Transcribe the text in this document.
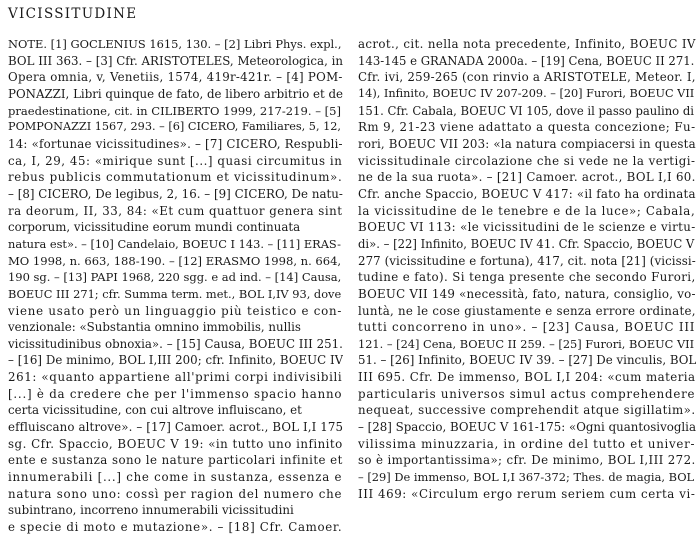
VICISSITUDINE
NOTE. [1] GOCLENIUS 1615, 130. – [2] Libri Phys. expl.,
BOL III 363. – [3] Cfr. ARISTOTELES, Meteorologica, in
Opera omnia, v, Venetiis, 1574, 419r-421r. – [4] POM-
PONAZZI, Libri quinque de fato, de libero arbitrio et de
praedestinatione, cit. in CILIBERTO 1999, 217-219. – [5]
POMPONAZZI 1567, 293. – [6] CICERO, Familiares, 5, 12,
14: «fortunae vicissitudines». – [7] CICERO, Respubli-
ca, I, 29, 45: «mirique sunt [...] quasi circumitus in
rebus publicis commutationum et vicissitudinum».
– [8] CICERO, De legibus, 2, 16. – [9] CICERO, De natu-
ra deorum, II, 33, 84: «Et cum quattuor genera sint
corporum, vicissitudine eorum mundi continuata
natura est». – [10] Candelaio, BOEUC I 143. – [11] ERAS-
MO 1998, n. 663, 188-190. – [12] ERASMO 1998, n. 664,
190 sg. – [13] PAPI 1968, 220 sgg. e ad ind. – [14] Causa,
BOEUC III 271; cfr. Summa term. met., BOL I,IV 93, dove
viene usato però un linguaggio più teistico e con-
venzionale: «Substantia omnino immobilis, nullis
vicissitudinibus obnoxia». – [15] Causa, BOEUC III 251.
– [16] De minimo, BOL I,III 200; cfr. Infinito, BOEUC IV
261: «quanto appartiene all'primi corpi indivisibili
[...] è da credere che per l'immenso spacio hanno
certa vicissitudine, con cui altrove influiscano, et
effluiscano altrove». – [17] Camoer. acrot., BOL I,I 175
sg. Cfr. Spaccio, BOEUC V 19: «in tutto uno infinito
ente e sustanza sono le nature particolari infinite et
innumerabili [...] che come in sustanza, essenza e
natura sono uno: cossì per ragion del numero che
subintrano, incorreno innumerabili vicissitudini
e specie di moto e mutazione». – [18] Cfr. Camoer.
acrot., cit. nella nota precedente, Infinito, BOEUC IV
143-145 e GRANADA 2000a. – [19] Cena, BOEUC II 271.
Cfr. ivi, 259-265 (con rinvio a ARISTOTELE, Meteor. I,
14), Infinito, BOEUC IV 207-209. – [20] Furori, BOEUC VII
151. Cfr. Cabala, BOEUC VI 105, dove il passo paulino di
Rm 9, 21-23 viene adattato a questa concezione; Fu-
rori, BOEUC VII 203: «la natura compiacersi in questa
vicissitudinale circolazione che si vede ne la vertigi-
ne de la sua ruota». – [21] Camoer. acrot., BOL I,I 60.
Cfr. anche Spaccio, BOEUC V 417: «il fato ha ordinata
la vicissitudine de le tenebre e de la luce»; Cabala,
BOEUC VI 113: «le vicissitudini de le scienze e virtu-
di». – [22] Infinito, BOEUC IV 41. Cfr. Spaccio, BOEUC V
277 (vicissitudine e fortuna), 417, cit. nota [21] (vicissi-
tudine e fato). Si tenga presente che secondo Furori,
BOEUC VII 149 «necessità, fato, natura, consiglio, vo-
luntà, ne le cose giustamente e senza errore ordinate,
tutti concorreno in uno». – [23] Causa, BOEUC III
121. – [24] Cena, BOEUC II 259. – [25] Furori, BOEUC VII
51. – [26] Infinito, BOEUC IV 39. – [27] De vinculis, BOL
III 695. Cfr. De immenso, BOL I,I 204: «cum materia
particularis universos simul actus comprehendere
nequeat, successive comprehendit atque sigillatim».
– [28] Spaccio, BOEUC V 161-175: «Ogni quantosivoglia
vilissima minuzzaria, in ordine del tutto et univer-
so è importantissima»; cfr. De minimo, BOL I,III 272.
– [29] De immenso, BOL I,I 367-372; Thes. de magia, BOL
III 469: «Circulum ergo rerum seriem cum certa vi-
